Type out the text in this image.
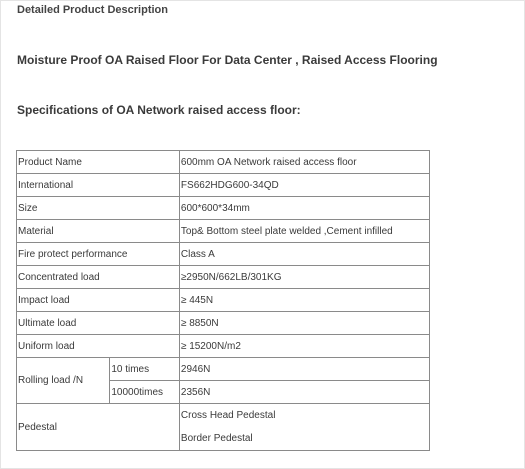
Detailed Product Description
Moisture Proof OA Raised Floor For Data Center , Raised Access Flooring
Specifications of OA Network raised access floor:
Product Name		600mm OA Network raised access floor
International		FS662HDG600-34QD
Size		600*600*34mm
Material		Top& Bottom steel plate welded ,Cement infilled
Fire protect performance		Class A
Concentrated load		≥2950N/662LB/301KG
Impact load		≥ 445N
Ultimate load		≥ 8850N
Uniform load		≥ 15200N/m2
Rolling load /N	10 times	2946N
	10000times	2356N
Pedestal		Cross Head Pedestal
Border Pedestal
